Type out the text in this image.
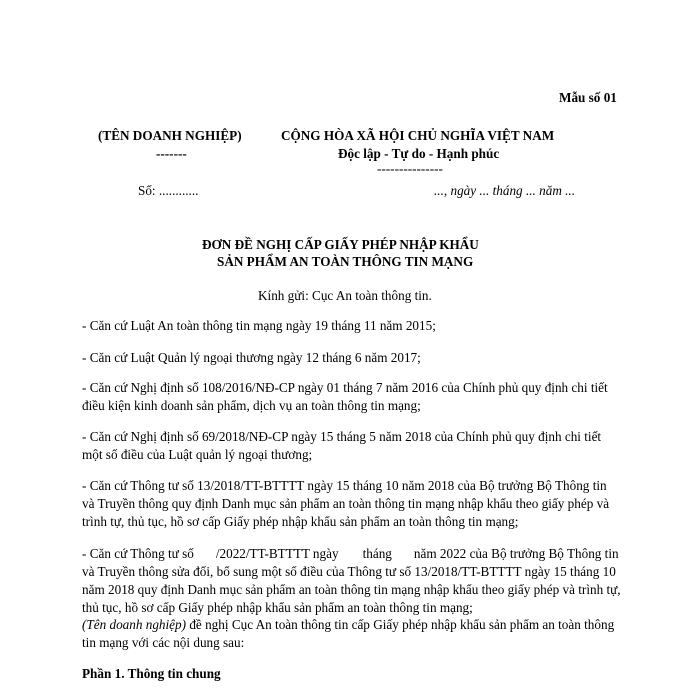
Mẫu số 01
(TÊN DOANH NGHIỆP)
-------
CỘNG HÒA XÃ HỘI CHỦ NGHĨA VIỆT NAM
Độc lập - Tự do - Hạnh phúc
---------------
Số: ............	..., ngày ... tháng ... năm ...
ĐƠN ĐỀ NGHỊ CẤP GIẤY PHÉP NHẬP KHẨU
SẢN PHẨM AN TOÀN THÔNG TIN MẠNG
Kính gửi: Cục An toàn thông tin.
- Căn cứ Luật An toàn thông tin mạng ngày 19 tháng 11 năm 2015;
- Căn cứ Luật Quản lý ngoại thương ngày 12 tháng 6 năm 2017;
- Căn cứ Nghị định số 108/2016/NĐ-CP ngày 01 tháng 7 năm 2016 của Chính phủ quy định chi tiết điều kiện kinh doanh sản phẩm, dịch vụ an toàn thông tin mạng;
- Căn cứ Nghị định số 69/2018/NĐ-CP ngày 15 tháng 5 năm 2018 của Chính phủ quy định chi tiết một số điều của Luật quản lý ngoại thương;
- Căn cứ Thông tư số 13/2018/TT-BTTTT ngày 15 tháng 10 năm 2018 của Bộ trưởng Bộ Thông tin và Truyền thông quy định Danh mục sản phẩm an toàn thông tin mạng nhập khẩu theo giấy phép và trình tự, thủ tục, hồ sơ cấp Giấy phép nhập khẩu sản phẩm an toàn thông tin mạng;
- Căn cứ Thông tư số /2022/TT-BTTTT ngày tháng năm 2022 của Bộ trưởng Bộ Thông tin và Truyền thông sửa đổi, bổ sung một số điều của Thông tư số 13/2018/TT-BTTTT ngày 15 tháng 10 năm 2018 quy định Danh mục sản phẩm an toàn thông tin mạng nhập khẩu theo giấy phép và trình tự, thủ tục, hồ sơ cấp Giấy phép nhập khẩu sản phẩm an toàn thông tin mạng;
(Tên doanh nghiệp) đề nghị Cục An toàn thông tin cấp Giấy phép nhập khẩu sản phẩm an toàn thông tin mạng với các nội dung sau:
Phần 1. Thông tin chung
